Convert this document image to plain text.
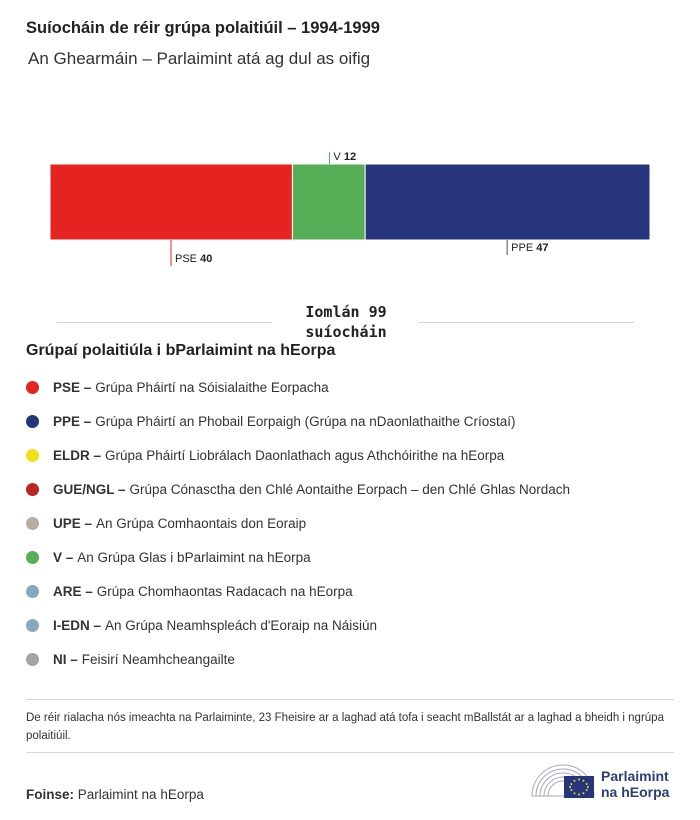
Suíocháin de réir grúpa polaitiúil – 1994-1999
An Ghearmáin – Parlaimint atá ag dul as oifig
PSE 40
V 12
PPE 47
Iomlán 99 suíocháin
Grúpaí polaitiúla i bParlaimint na hEorpa
PSE – Grúpa Pháirtí na Sóisialaithe Eorpacha
PPE – Grúpa Pháirtí an Phobail Eorpaigh (Grúpa na nDaonlathaithe Críostaí)
ELDR – Grúpa Pháirtí Liobrálach Daonlathach agus Athchóirithe na hEorpa
GUE/NGL – Grúpa Cónasctha den Chlé Aontaithe Eorpach – den Chlé Ghlas Nordach
UPE – An Grúpa Comhaontais don Eoraip
V – An Grúpa Glas i bParlaimint na hEorpa
ARE – Grúpa Chomhaontas Radacach na hEorpa
I-EDN – An Grúpa Neamhspleách d'Eoraip na Náisiún
NI – Feisirí Neamhcheangailte
De réir rialacha nós imeachta na Parlaiminte, 23 Fheisire ar a laghad atá tofa i seacht mBallstát ar a laghad a bheidh i ngrúpa polaitiúil.
Foinse: Parlaimint na hEorpa
Parlaimint
na hEorpa
